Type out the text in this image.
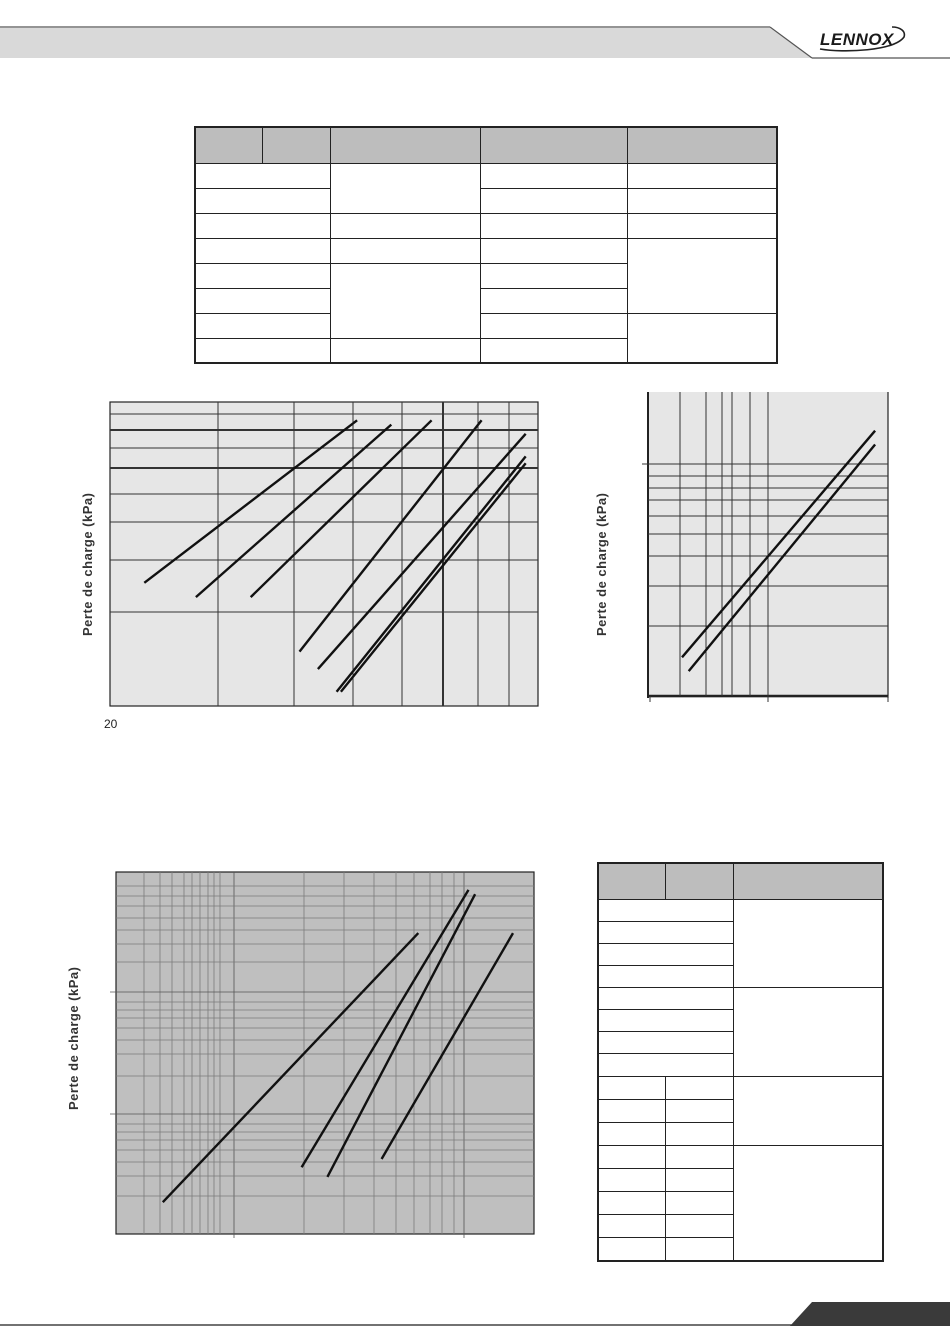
LENNOX

Perte de charge (kPa)
20
Perte de charge (kPa)
Perte de charge (kPa)
